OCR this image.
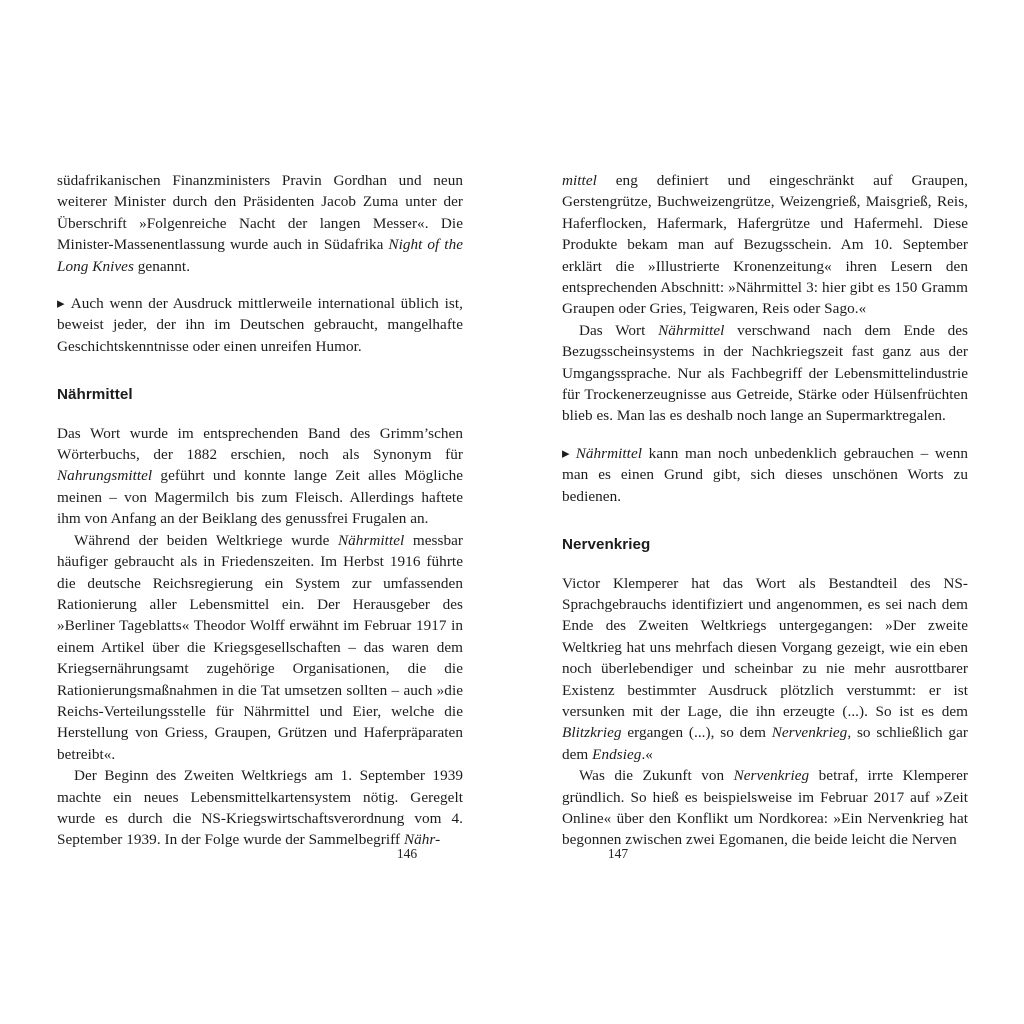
südafrikanischen Finanzministers Pravin Gordhan und neun weiterer Minister durch den Präsidenten Jacob Zuma unter der Überschrift »Folgenreiche Nacht der langen Messer«. Die Minister-Massenentlassung wurde auch in Südafrika Night of the Long Knives genannt.
▸ Auch wenn der Ausdruck mittlerweile international üblich ist, beweist jeder, der ihn im Deutschen gebraucht, mangelhafte Geschichtskenntnisse oder einen unreifen Humor.
Nährmittel
Das Wort wurde im entsprechenden Band des Grimm’schen Wörterbuchs, der 1882 erschien, noch als Synonym für Nahrungsmittel geführt und konnte lange Zeit alles Mögliche meinen – von Magermilch bis zum Fleisch. Allerdings haftete ihm von Anfang an der Beiklang des genussfrei Frugalen an.
Während der beiden Weltkriege wurde Nährmittel messbar häufiger gebraucht als in Friedenszeiten. Im Herbst 1916 führte die deutsche Reichsregierung ein System zur umfassenden Rationierung aller Lebensmittel ein. Der Herausgeber des »Berliner Tageblatts« Theodor Wolff erwähnt im Februar 1917 in einem Artikel über die Kriegsgesellschaften – das waren dem Kriegsernährungsamt zugehörige Organisationen, die die Rationierungsmaßnahmen in die Tat umsetzen sollten – auch »die Reichs-Verteilungsstelle für Nährmittel und Eier, welche die Herstellung von Griess, Graupen, Grützen und Haferpräparaten betreibt«.
Der Beginn des Zweiten Weltkriegs am 1. September 1939 machte ein neues Lebensmittelkartensystem nötig. Geregelt wurde es durch die NS-Kriegswirtschaftsverordnung vom 4. September 1939. In der Folge wurde der Sammelbegriff Nähr-
mittel eng definiert und eingeschränkt auf Graupen, Gerstengrütze, Buchweizengrütze, Weizengrieß, Maisgrieß, Reis, Haferflocken, Hafermark, Hafergrütze und Hafermehl. Diese Produkte bekam man auf Bezugsschein. Am 10. September erklärt die »Illustrierte Kronenzeitung« ihren Lesern den entsprechenden Abschnitt: »Nährmittel 3: hier gibt es 150 Gramm Graupen oder Gries, Teigwaren, Reis oder Sago.«
Das Wort Nährmittel verschwand nach dem Ende des Bezugsscheinsystems in der Nachkriegszeit fast ganz aus der Umgangssprache. Nur als Fachbegriff der Lebensmittelindustrie für Trockenerzeugnisse aus Getreide, Stärke oder Hülsenfrüchten blieb es. Man las es deshalb noch lange an Supermarktregalen.
▸ Nährmittel kann man noch unbedenklich gebrauchen – wenn man es einen Grund gibt, sich dieses unschönen Worts zu bedienen.
Nervenkrieg
Victor Klemperer hat das Wort als Bestandteil des NS-Sprachgebrauchs identifiziert und angenommen, es sei nach dem Ende des Zweiten Weltkriegs untergegangen: »Der zweite Weltkrieg hat uns mehrfach diesen Vorgang gezeigt, wie ein eben noch überlebendiger und scheinbar zu nie mehr ausrottbarer Existenz bestimmter Ausdruck plötzlich verstummt: er ist versunken mit der Lage, die ihn erzeugte (...). So ist es dem Blitzkrieg ergangen (...), so dem Nervenkrieg, so schließlich gar dem Endsieg.«
Was die Zukunft von Nervenkrieg betraf, irrte Klemperer gründlich. So hieß es beispielsweise im Februar 2017 auf »Zeit Online« über den Konflikt um Nordkorea: »Ein Nervenkrieg hat begonnen zwischen zwei Egomanen, die beide leicht die Nerven
146	147
